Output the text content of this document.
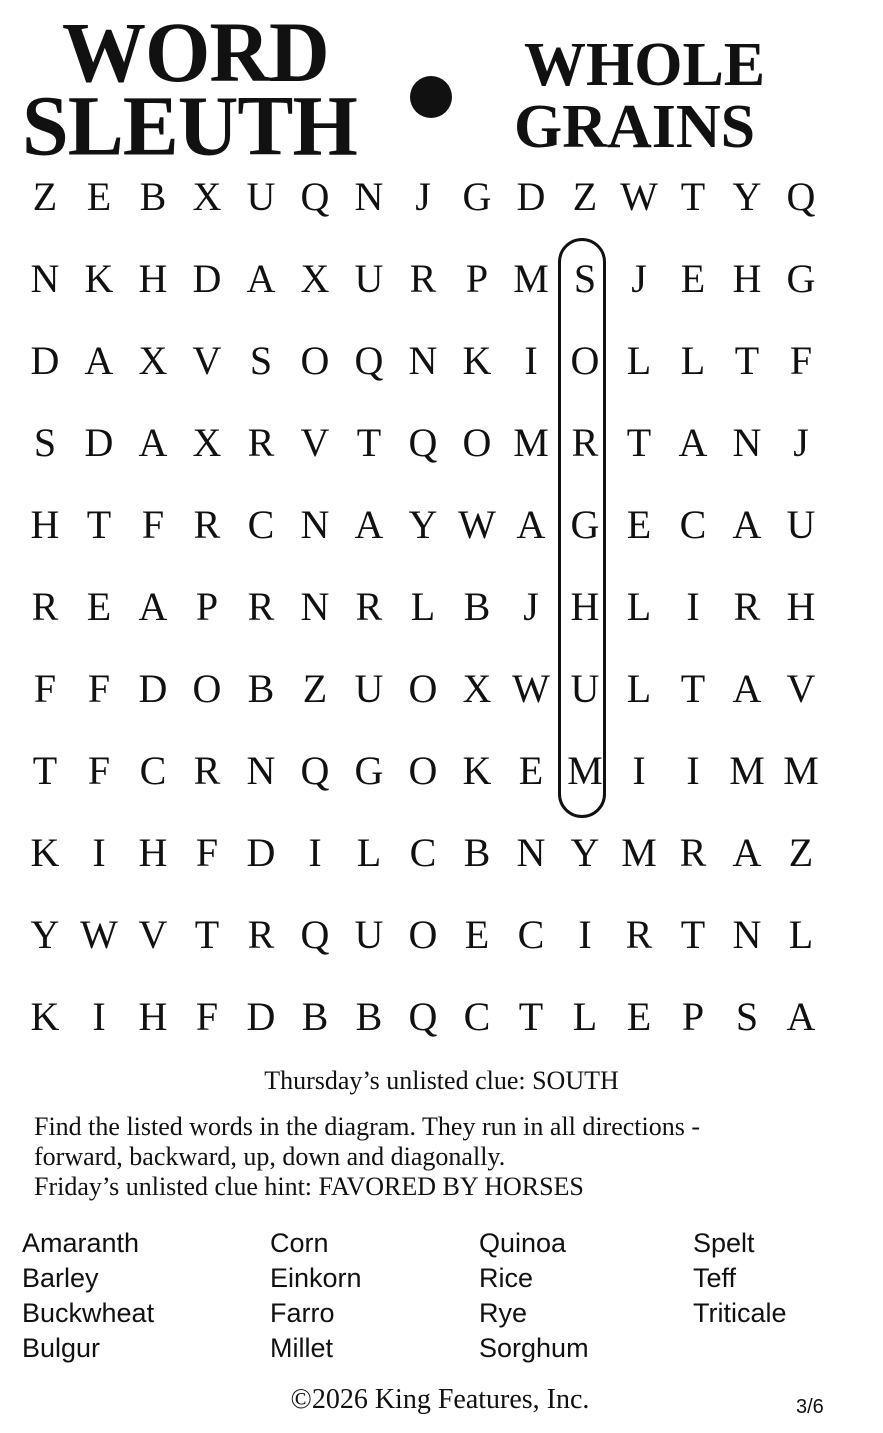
WORD
SLEUTH
WHOLE
GRAINS
Z E B X U Q N J G D Z W T Y Q
N K H D A X U R P M S J E H G
D A X V S O Q N K I O L L T F
S D A X R V T Q O M R T A N J
H T F R C N A Y W A G E C A U
R E A P R N R L B J H L I R H
F F D O B Z U O X W U L T A V
T F C R N Q G O K E M I	I M M
K I H F D I L C B N Y M R A Z
Y W V T R Q U O E C I R T N L
K I H F D B B Q C T L E P S A
Thursday’s unlisted clue: SOUTH
Find the listed words in the diagram. They run in all directions -
forward, backward, up, down and diagonally.
Friday’s unlisted clue hint: FAVORED BY HORSES
Amaranth
Barley
Buckwheat
Bulgur
Corn
Einkorn
Farro
Millet
Quinoa
Rice
Rye
Sorghum
Spelt
Teff
Triticale
©2026 King Features, Inc.	3/6
